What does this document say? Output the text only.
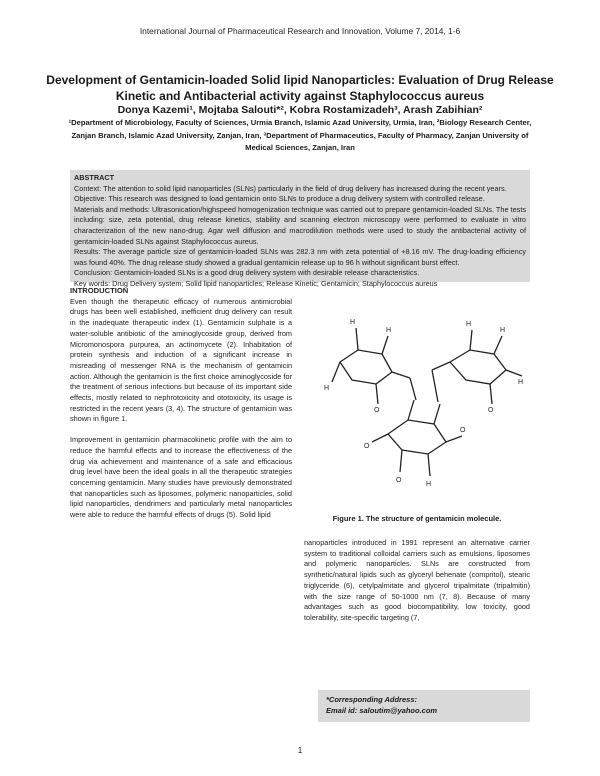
International Journal of Pharmaceutical Research and Innovation, Volume 7, 2014, 1-6
Development of Gentamicin-loaded Solid lipid Nanoparticles: Evaluation of Drug Release Kinetic and Antibacterial activity against Staphylococcus aureus
Donya Kazemi¹, Mojtaba Salouti*², Kobra Rostamizadeh³, Arash Zabihian²
¹Department of Microbiology, Faculty of Sciences, Urmia Branch, Islamic Azad University, Urmia, Iran, ²Biology Research Center, Zanjan Branch, Islamic Azad University, Zanjan, Iran, ³Department of Pharmaceutics, Faculty of Pharmacy, Zanjan University of Medical Sciences, Zanjan, Iran
ABSTRACT
Context: The attention to solid lipid nanoparticles (SLNs) particularly in the field of drug delivery has increased during the recent years.
Objective: This research was designed to load gentamicin onto SLNs to produce a drug delivery system with controlled release.
Materials and methods: Ultrasonication/highspeed homogenization technique was carried out to prepare gentamicin-loaded SLNs. The tests including: size, zeta potential, drug release kinetics, stability and scanning electron microscopy were performed to evaluate in vitro characterization of the new nano-drug. Agar well diffusion and macrodilution methods were used to study the antibacterial activity of gentamicin-loaded SLNs against Staphylococcus aureus.
Results: The average particle size of gentamicin-loaded SLNs was 282.3 nm with zeta potential of +8.16 mV. The drug-loading efficiency was found 40%. The drug release study showed a gradual gentamicin release up to 96 h without significant burst effect.
Conclusion: Gentamicin-loaded SLNs is a good drug delivery system with desirable release characteristics.
Key words: Drug Delivery system; Solid lipid nanoparticles; Release Kinetic; Gentamicin; Staphylococcus aureus
INTRODUCTION

Even though the therapeutic efficacy of numerous antimicrobial drugs has been well established, inefficient drug delivery can result in the inadequate therapeutic index (1). Gentamicin sulphate is a water-soluble antibiotic of the aminoglycoside group, derived from Micromonospora purpurea, an actinomycete (2). Inhabitation of protein synthesis and induction of a significant increase in misreading of messenger RNA is the mechanism of gentamicin action. Although the gentamicin is the first choice aminoglycoside for the treatment of serious infections but because of its important side effects, mostly related to nephrotoxicity and ototoxicity, its usage is restricted in the recent years (3, 4). The structure of gentamicin was shown in figure 1.

Improvement in gentamicin pharmacokinetic profile with the aim to reduce the harmful effects and to increase the effectiveness of the drug via achievement and maintenance of a safe and efficacious drug level have been the ideal goals in all the therapeutic strategies concerning gentamicin. Many studies have previously demonstrated that nanoparticles such as liposomes, polymeric nanoparticles, solid lipid nanoparticles, dendrimers and particularly metal nanoparticles were able to reduce the harmful effects of drugs (5). Solid lipid

H
H
H
O
H
H
H
O
O
O
H
O
Figure 1. The structure of gentamicin molecule.

nanoparticles introduced in 1991 represent an alternative carrier system to traditional colloidal carriers such as emulsions, liposomes and polymeric nanoparticles. SLNs are constructed from synthetic/natural lipids such as glyceryl behenate (compritol), stearic triglyceride (6), cetylpalmitate and glycerol tripalmitate (tripalmitin) with the size range of 50-1000 nm (7, 8). Because of many advantages such as good biocompatibility, low toxicity, good tolerability, site-specific targeting (7,

*Corresponding Address:
Email id: saloutim@yahoo.com
1
